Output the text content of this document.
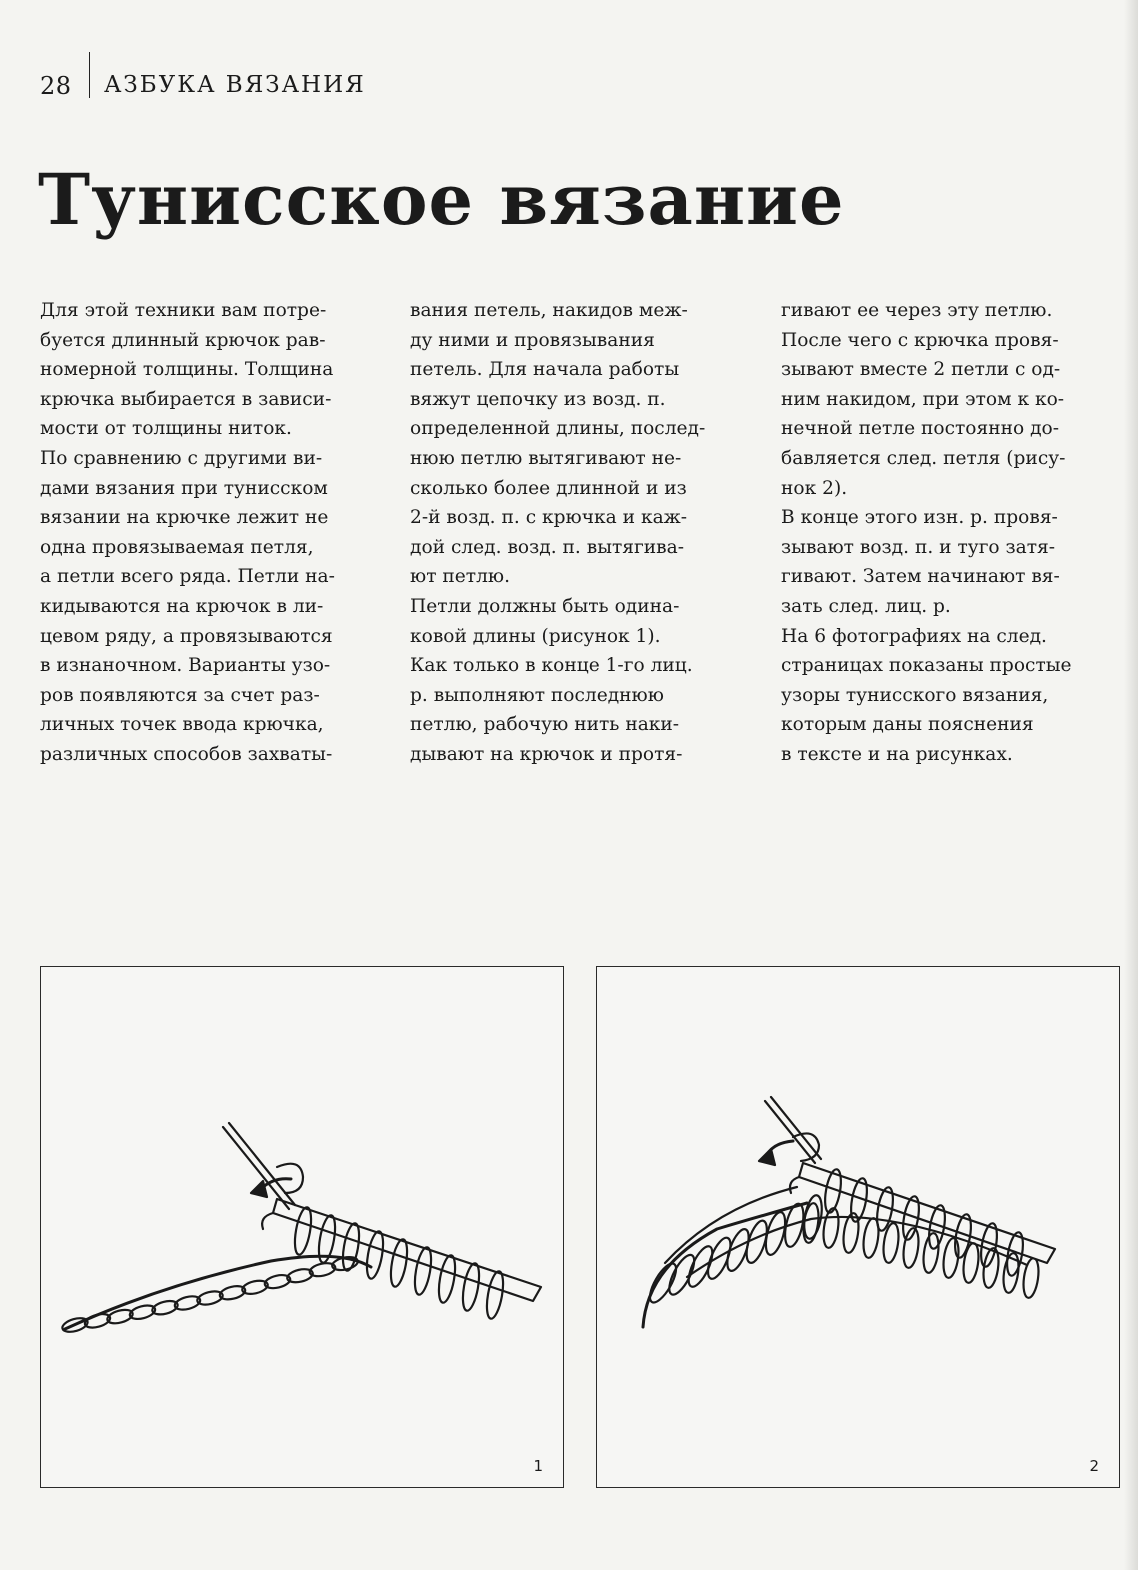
28 АЗБУКА ВЯЗАНИЯ
Тунисское вязание

Для этой техники вам потре-

буется длинный крючок рав-

номерной толщины. Толщина

крючка выбирается в зависи-

мости от толщины ниток.

По сравнению с другими ви-

дами вязания при тунисском

вязании на крючке лежит не

одна провязываемая петля,

а петли всего ряда. Петли на-

кидываются на крючок в ли-

цевом ряду, а провязываются

в изнаночном. Варианты узо-

ров появляются за счет раз-

личных точек ввода крючка,

различных способов захваты-

вания петель, накидов меж-

ду ними и провязывания

петель. Для начала работы

вяжут цепочку из возд. п.

определенной длины, послед-

нюю петлю вытягивают не-

сколько более длинной и из

2-й возд. п. с крючка и каж-

дой след. возд. п. вытягива-

ют петлю.

Петли должны быть одина-

ковой длины (рисунок 1).

Как только в конце 1-го лиц.

р. выполняют последнюю

петлю, рабочую нить наки-

дывают на крючок и протя-

гивают ее через эту петлю.

После чего с крючка провя-

зывают вместе 2 петли с од-

ним накидом, при этом к ко-

нечной петле постоянно до-

бавляется след. петля (рису-

нок 2).

В конце этого изн. р. провя-

зывают возд. п. и туго затя-

гивают. Затем начинают вя-

зать след. лиц. р.

На 6 фотографиях на след.

страницах показаны простые

узоры тунисского вязания,

которым даны пояснения

в тексте и на рисунках.

1	2
